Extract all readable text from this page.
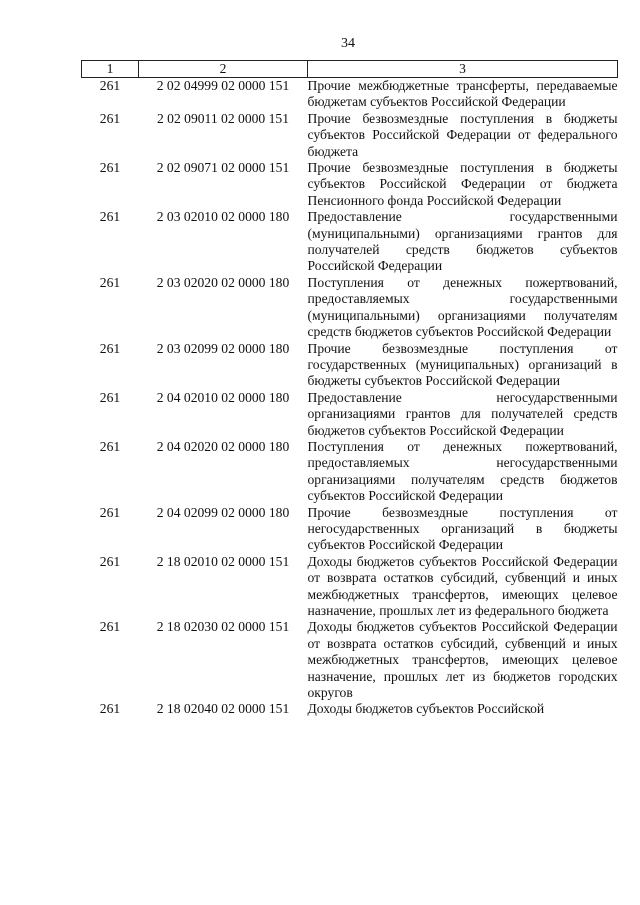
34
1	2	3
261	2 02 04999 02 0000 151	Прочие межбюджетные трансферты, передаваемые бюджетам субъектов Российской Федерации
261	2 02 09011 02 0000 151	Прочие безвозмездные поступления в бюджеты субъектов Российской Федерации от федерального бюджета
261	2 02 09071 02 0000 151	Прочие безвозмездные поступления в бюджеты субъектов Российской Федерации от бюджета Пенсионного фонда Российской Федерации
261	2 03 02010 02 0000 180	Предоставление государственными (муниципальными) организациями грантов для получателей средств бюджетов субъектов Российской Федерации
261	2 03 02020 02 0000 180	Поступления от денежных пожертвований, предоставляемых государственными (муниципальными) организациями получателям средств бюджетов субъектов Российской Федерации
261	2 03 02099 02 0000 180	Прочие безвозмездные поступления от государственных (муниципальных) организаций в бюджеты субъектов Российской Федерации
261	2 04 02010 02 0000 180	Предоставление негосударственными организациями грантов для получателей средств бюджетов субъектов Российской Федерации
261	2 04 02020 02 0000 180	Поступления от денежных пожертвований, предоставляемых негосударственными организациями получателям средств бюджетов субъектов Российской Федерации
261	2 04 02099 02 0000 180	Прочие безвозмездные поступления от негосударственных организаций в бюджеты субъектов Российской Федерации
261	2 18 02010 02 0000 151	Доходы бюджетов субъектов Российской Федерации от возврата остатков субсидий, субвенций и иных межбюджетных трансфертов, имеющих целевое назначение, прошлых лет из федерального бюджета
261	2 18 02030 02 0000 151	Доходы бюджетов субъектов Российской Федерации от возврата остатков субсидий, субвенций и иных межбюджетных трансфертов, имеющих целевое назначение, прошлых лет из бюджетов городских округов
261	2 18 02040 02 0000 151	Доходы бюджетов субъектов Российской
